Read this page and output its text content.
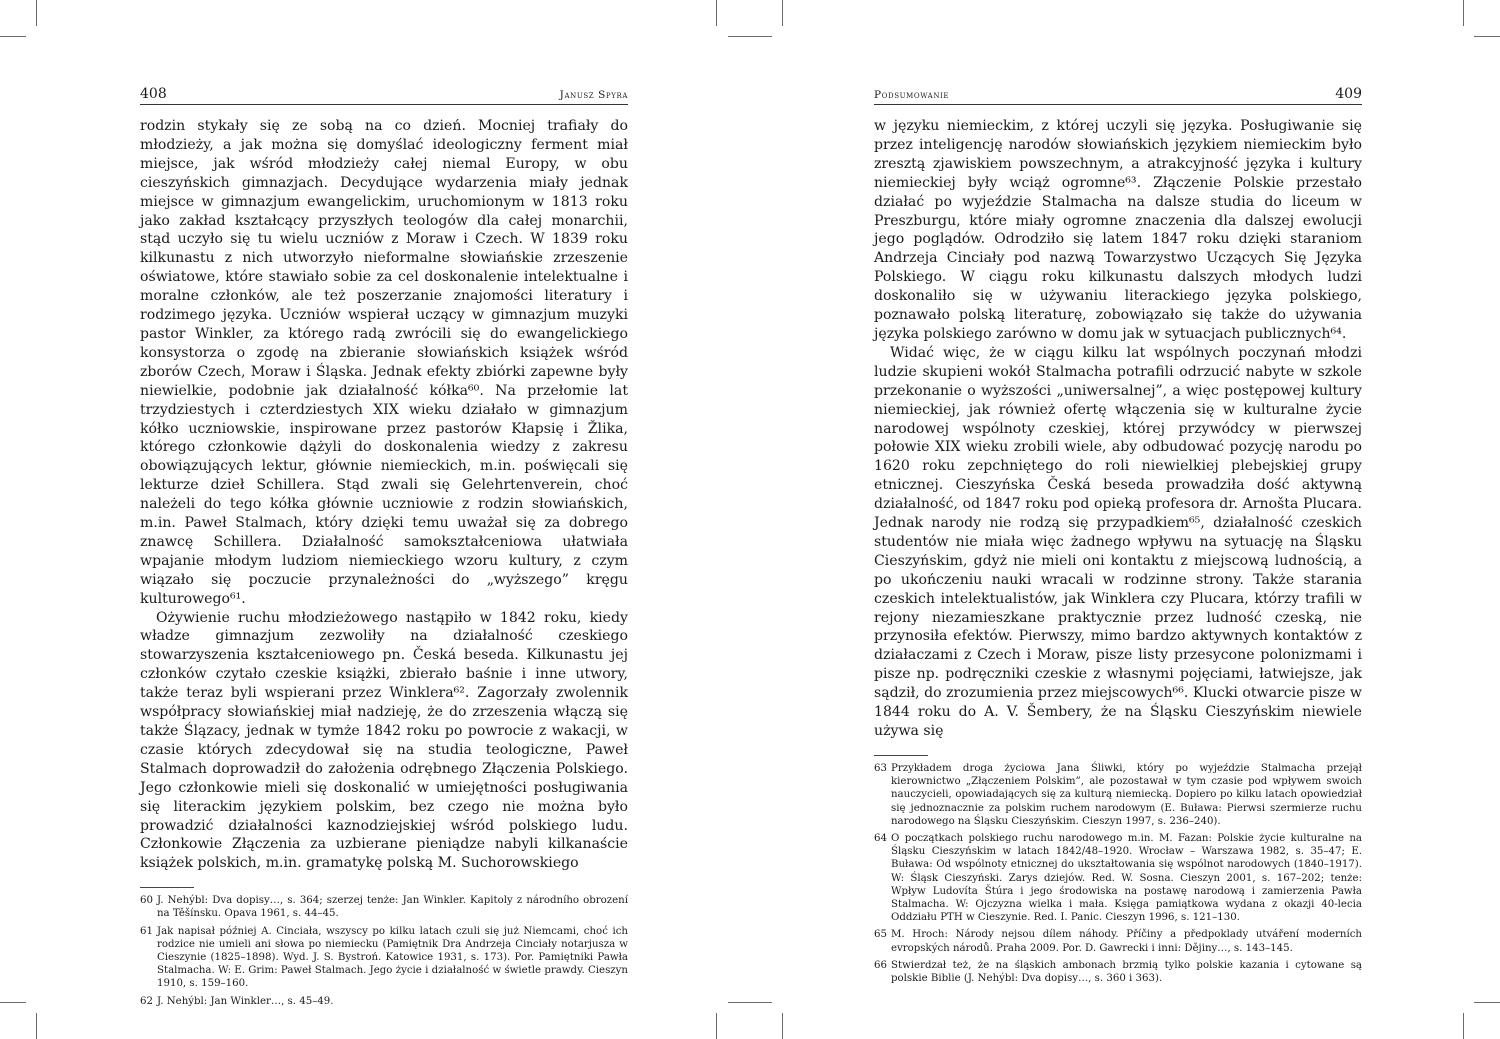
408	Janusz Spyra

rodzin stykały się ze sobą na co dzień. Mocniej trafiały do młodzieży, a jak można się domyślać ideologiczny ferment miał miejsce, jak wśród młodzieży całej niemal Europy, w obu cieszyńskich gimnazjach. Decydujące wydarzenia miały jednak miejsce w gimnazjum ewangelickim, uruchomionym w 1813 roku jako zakład kształcący przyszłych teologów dla całej monarchii, stąd uczyło się tu wielu uczniów z Moraw i Czech. W 1839 roku kilkunastu z nich utworzyło nieformalne słowiańskie zrzeszenie oświatowe, które stawiało sobie za cel doskonalenie intelektualne i moralne członków, ale też poszerzanie znajomości literatury i rodzimego języka. Uczniów wspierał uczący w gimnazjum muzyki pastor Winkler, za którego radą zwrócili się do ewangelickiego konsystorza o zgodę na zbieranie słowiańskich książek wśród zborów Czech, Moraw i Śląska. Jednak efekty zbiórki zapewne były niewielkie, podobnie jak działalność kółka⁶⁰. Na przełomie lat trzydziestych i czterdziestych XIX wieku działało w gimnazjum kółko uczniowskie, inspirowane przez pastorów Kłapsię i Žlika, którego członkowie dążyli do doskonalenia wiedzy z zakresu obowiązujących lektur, głównie niemieckich, m.in. poświęcali się lekturze dzieł Schillera. Stąd zwali się Gelehrtenverein, choć należeli do tego kółka głównie uczniowie z rodzin słowiańskich, m.in. Paweł Stalmach, który dzięki temu uważał się za dobrego znawcę Schillera. Działalność samokształceniowa ułatwiała wpajanie młodym ludziom niemieckiego wzoru kultury, z czym wiązało się poczucie przynależności do „wyższego” kręgu kulturowego⁶¹.

Ożywienie ruchu młodzieżowego nastąpiło w 1842 roku, kiedy władze gimnazjum zezwoliły na działalność czeskiego stowarzyszenia kształceniowego pn. Česká beseda. Kilkunastu jej członków czytało czeskie książki, zbierało baśnie i inne utwory, także teraz byli wspierani przez Winklera⁶². Zagorzały zwolennik współpracy słowiańskiej miał nadzieję, że do zrzeszenia włączą się także Ślązacy, jednak w tymże 1842 roku po powrocie z wakacji, w czasie których zdecydował się na studia teologiczne, Paweł Stalmach doprowadził do założenia odrębnego Złączenia Polskiego. Jego członkowie mieli się doskonalić w umiejętności posługiwania się literackim językiem polskim, bez czego nie można było prowadzić działalności kaznodziejskiej wśród polskiego ludu. Członkowie Złączenia za uzbierane pieniądze nabyli kilkanaście książek polskich, m.in. gramatykę polską M. Suchorowskiego

60 J. Nehýbl: Dva dopisy…, s. 364; szerzej tenże: Jan Winkler. Kapitoly z národního obrození na Těšínsku. Opava 1961, s. 44–45.
61 Jak napisał później A. Cinciała, wszyscy po kilku latach czuli się już Niemcami, choć ich rodzice nie umieli ani słowa po niemiecku (Pamiętnik Dra Andrzeja Cinciały notarjusza w Cieszynie (1825–1898). Wyd. J. S. Bystroń. Katowice 1931, s. 173). Por. Pamiętniki Pawła Stalmacha. W: E. Grim: Paweł Stalmach. Jego życie i działalność w świetle prawdy. Cieszyn 1910, s. 159–160.
62 J. Nehýbl: Jan Winkler…, s. 45–49.
Podsumowanie	409

w języku niemieckim, z której uczyli się języka. Posługiwanie się przez inteligencję narodów słowiańskich językiem niemieckim było zresztą zjawiskiem powszechnym, a atrakcyjność języka i kultury niemieckiej były wciąż ogromne⁶³. Złączenie Polskie przestało działać po wyjeździe Stalmacha na dalsze studia do liceum w Preszburgu, które miały ogromne znaczenia dla dalszej ewolucji jego poglądów. Odrodziło się latem 1847 roku dzięki staraniom Andrzeja Cinciały pod nazwą Towarzystwo Uczących Się Języka Polskiego. W ciągu roku kilkunastu dalszych młodych ludzi doskonaliło się w używaniu literackiego języka polskiego, poznawało polską literaturę, zobowiązało się także do używania języka polskiego zarówno w domu jak w sytuacjach publicznych⁶⁴.

Widać więc, że w ciągu kilku lat wspólnych poczynań młodzi ludzie skupieni wokół Stalmacha potrafili odrzucić nabyte w szkole przekonanie o wyższości „uniwersalnej”, a więc postępowej kultury niemieckiej, jak również ofertę włączenia się w kulturalne życie narodowej wspólnoty czeskiej, której przywódcy w pierwszej połowie XIX wieku zrobili wiele, aby odbudować pozycję narodu po 1620 roku zepchniętego do roli niewielkiej plebejskiej grupy etnicznej. Cieszyńska Česká beseda prowadziła dość aktywną działalność, od 1847 roku pod opieką profesora dr. Arnošta Plucara. Jednak narody nie rodzą się przypadkiem⁶⁵, działalność czeskich studentów nie miała więc żadnego wpływu na sytuację na Śląsku Cieszyńskim, gdyż nie mieli oni kontaktu z miejscową ludnością, a po ukończeniu nauki wracali w rodzinne strony. Także starania czeskich intelektualistów, jak Winklera czy Plucara, którzy trafili w rejony niezamieszkane praktycznie przez ludność czeską, nie przynosiła efektów. Pierwszy, mimo bardzo aktywnych kontaktów z działaczami z Czech i Moraw, pisze listy przesycone polonizmami i pisze np. podręczniki czeskie z własnymi pojęciami, łatwiejsze, jak sądził, do zrozumienia przez miejscowych⁶⁶. Klucki otwarcie pisze w 1844 roku do A. V. Šembery, że na Śląsku Cieszyńskim niewiele używa się

63 Przykładem droga życiowa Jana Śliwki, który po wyjeździe Stalmacha przejął kierownictwo „Złączeniem Polskim”, ale pozostawał w tym czasie pod wpływem swoich nauczycieli, opowiadających się za kulturą niemiecką. Dopiero po kilku latach opowiedział się jednoznacznie za polskim ruchem narodowym (E. Buława: Pierwsi szermierze ruchu narodowego na Śląsku Cieszyńskim. Cieszyn 1997, s. 236–240).
64 O początkach polskiego ruchu narodowego m.in. M. Fazan: Polskie życie kulturalne na Śląsku Cieszyńskim w latach 1842/48–1920. Wrocław – Warszawa 1982, s. 35–47; E. Buława: Od wspólnoty etnicznej do ukształtowania się wspólnot narodowych (1840–1917). W: Śląsk Cieszyński. Zarys dziejów. Red. W. Sosna. Cieszyn 2001, s. 167–202; tenże: Wpływ Ludovíta Štúra i jego środowiska na postawę narodową i zamierzenia Pawła Stalmacha. W: Ojczyzna wielka i mała. Księga pamiątkowa wydana z okazji 40-lecia Oddziału PTH w Cieszynie. Red. I. Panic. Cieszyn 1996, s. 121–130.
65 M. Hroch: Národy nejsou dílem náhody. Příčiny a předpoklady utváření moderních evropských národů. Praha 2009. Por. D. Gawrecki i inni: Dějiny…, s. 143–145.
66 Stwierdzał też, że na śląskich ambonach brzmią tylko polskie kazania i cytowane są polskie Biblie (J. Nehýbl: Dva dopisy…, s. 360 i 363).
